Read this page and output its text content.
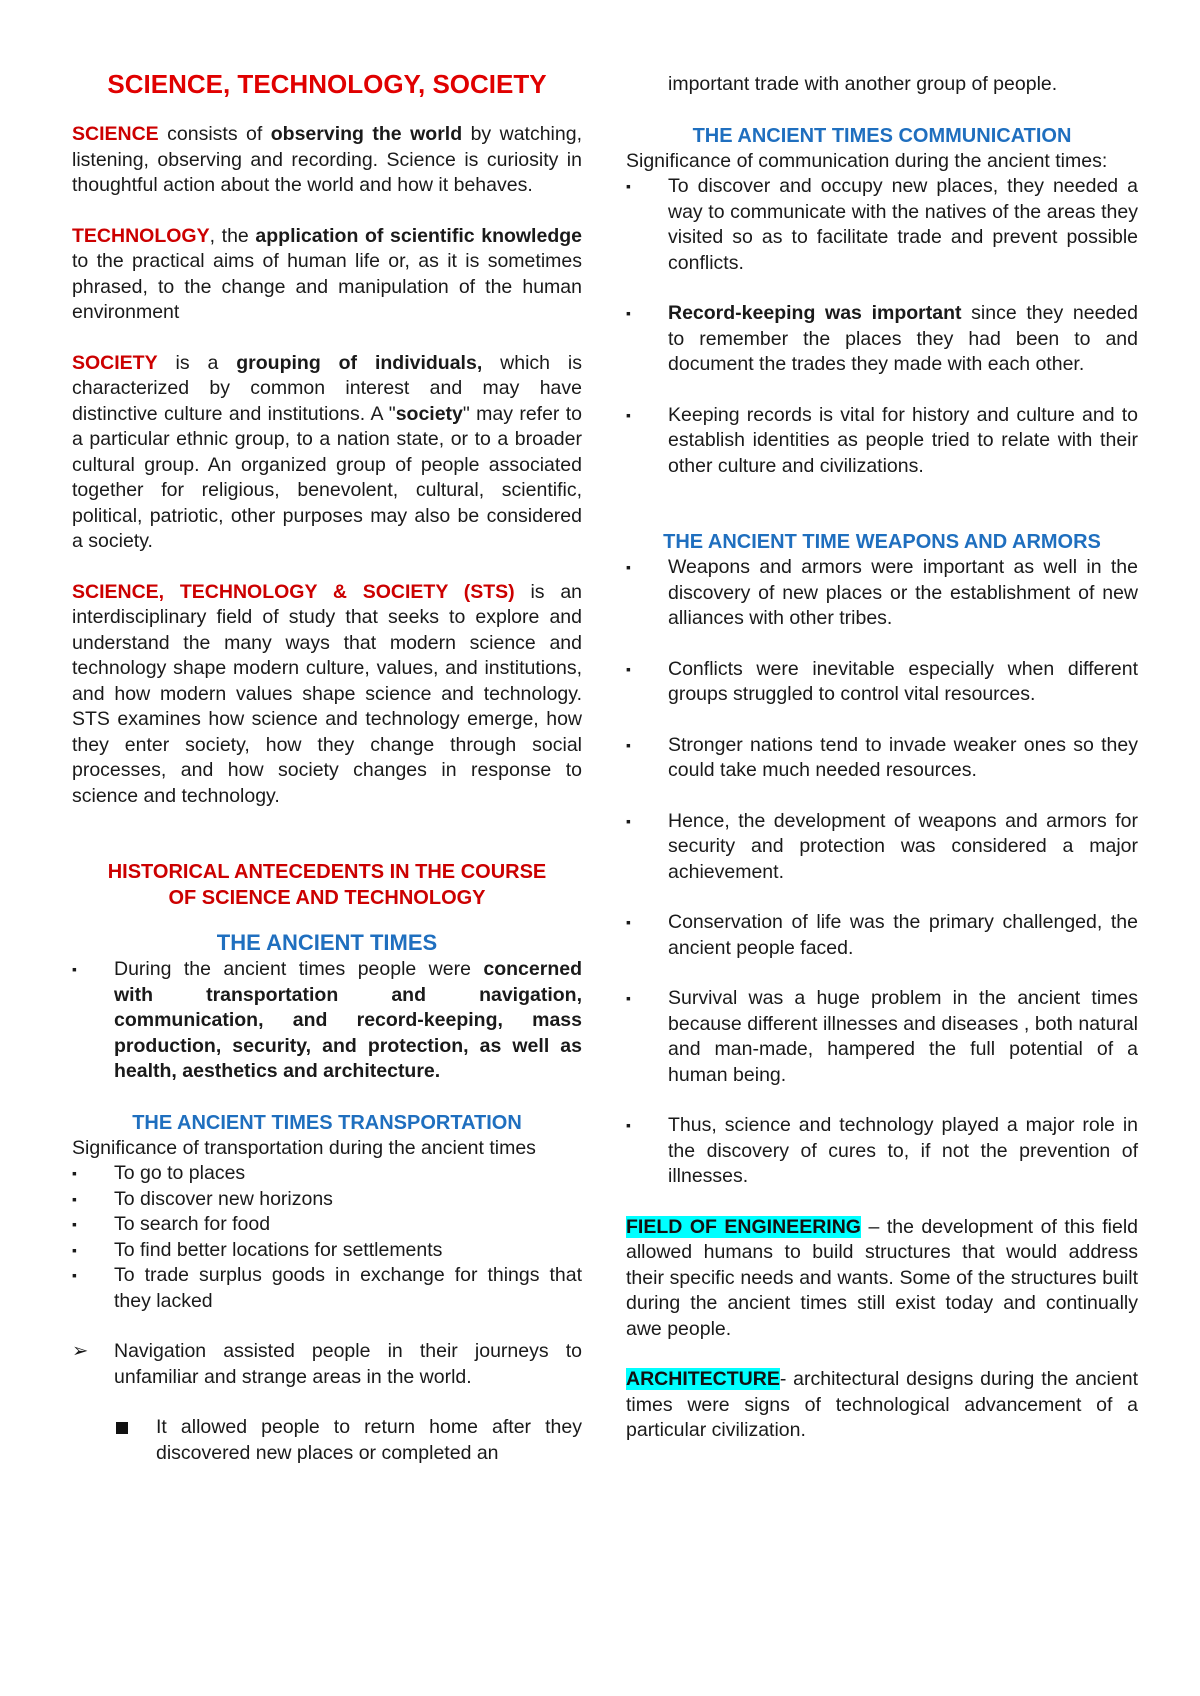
SCIENCE, TECHNOLOGY, SOCIETY

SCIENCE consists of observing the world by watching, listening, observing and recording. Science is curiosity in thoughtful action about the world and how it behaves.

TECHNOLOGY, the application of scientific knowledge to the practical aims of human life or, as it is sometimes phrased, to the change and manipulation of the human environment

SOCIETY is a grouping of individuals, which is characterized by common interest and may have distinctive culture and institutions. A "society" may refer to a particular ethnic group, to a nation state, or to a broader cultural group. An organized group of people associated together for religious, benevolent, cultural, scientific, political, patriotic, other purposes may also be considered a society.

SCIENCE, TECHNOLOGY & SOCIETY (STS) is an interdisciplinary field of study that seeks to explore and understand the many ways that modern science and technology shape modern culture, values, and institutions, and how modern values shape science and technology. STS examines how science and technology emerge, how they enter society, how they change through social processes, and how society changes in response to science and technology.

HISTORICAL ANTECEDENTS IN THE COURSE OF SCIENCE AND TECHNOLOGY
THE ANCIENT TIMES
▪	During the ancient times people were concerned with transportation and navigation, communication, and record-keeping, mass production, security, and protection, as well as health, aesthetics and architecture.
THE ANCIENT TIMES TRANSPORTATION

Significance of transportation during the ancient times

▪	To go to places
▪	To discover new horizons
▪	To search for food
▪	To find better locations for settlements
▪	To trade surplus goods in exchange for things that they lacked
➢ Navigation assisted people in their journeys to unfamiliar and strange areas in the world.
It allowed people to return home after they discovered new places or completed an

important trade with another group of people.

THE ANCIENT TIMES COMMUNICATION

Significance of communication during the ancient times:

▪	To discover and occupy new places, they needed a way to communicate with the natives of the areas they visited so as to facilitate trade and prevent possible conflicts.
▪	Record-keeping was important since they needed to remember the places they had been to and document the trades they made with each other.
▪	Keeping records is vital for history and culture and to establish identities as people tried to relate with their other culture and civilizations.
THE ANCIENT TIME WEAPONS AND ARMORS
▪	Weapons and armors were important as well in the discovery of new places or the establishment of new alliances with other tribes.
▪	Conflicts were inevitable especially when different groups struggled to control vital resources.
▪	Stronger nations tend to invade weaker ones so they could take much needed resources.
▪	Hence, the development of weapons and armors for security and protection was considered a major achievement.
▪	Conservation of life was the primary challenged, the ancient people faced.
▪	Survival was a huge problem in the ancient times because different illnesses and diseases , both natural and man-made, hampered the full potential of a human being.
▪	Thus, science and technology played a major role in the discovery of cures to, if not the prevention of illnesses.

FIELD OF ENGINEERING – the development of this field allowed humans to build structures that would address their specific needs and wants. Some of the structures built during the ancient times still exist today and continually awe people.

ARCHITECTURE- architectural designs during the ancient times were signs of technological advancement of a particular civilization.
